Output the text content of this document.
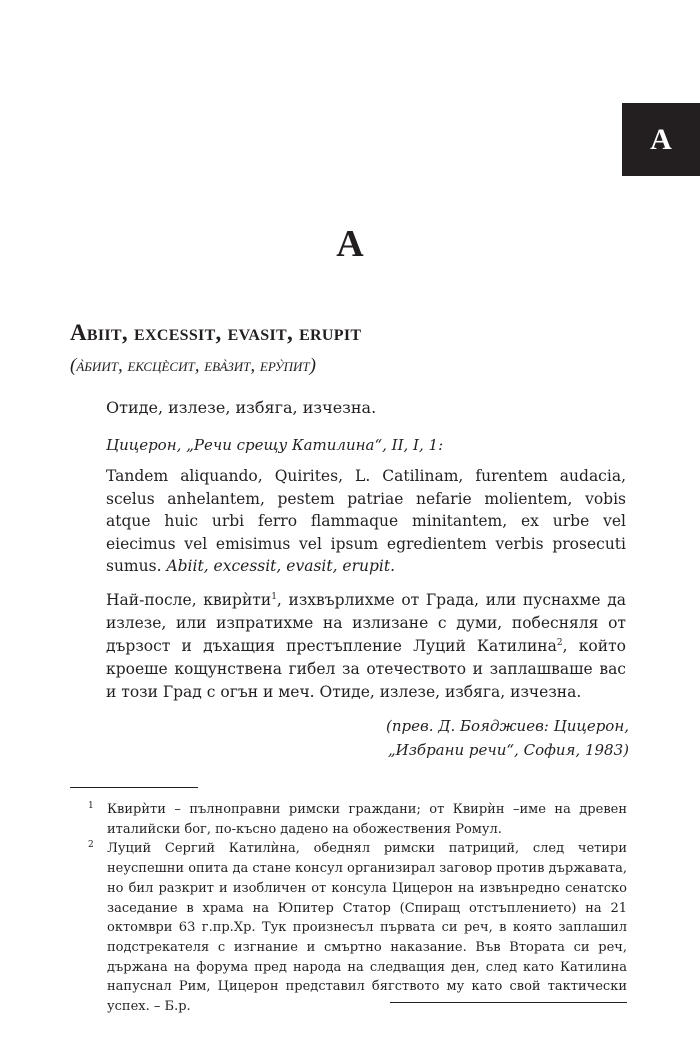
A
A
Abiit, excessit, evasit, erupit
(а̀биит, ексцѐсит, ева̀зит, еру̀пит)
Отиде, излезе, избяга, изчезна.
Цицерон, „Речи срещу Катилина“, II, I, 1:
Tandem aliquando, Quirites, L. Catilinam, furentem audacia, scelus anhelantem, pestem patriae nefarie molientem, vobis atque huic urbi ferro flammaque minitantem, ex urbe vel eiecimus vel emisimus vel ipsum egredientem verbis prosecuti sumus. Abiit, excessit, evasit, erupit.
Най-после, квирѝти$^1$, изхвърлихме от Града, или пуснахме да излезе, или изпратихме на излизане с думи, побесняля от дързост и дъхащия престъпление Луций Катилина$^2$, който кроеше кощунствена гибел за отечеството и заплашваше вас и този Град с огън и меч. Отиде, излезе, избяга, изчезна.
(прев. Д. Бояджиев: Цицерон,
„Избрани речи“, София, 1983)
1 Квирѝти – пълноправни римски граждани; от Квирѝн –име на древен италийски бог, по-късно дадено на обожествения Ромул.
2 Луций Сергий Катилѝна, обеднял римски патриций, след четири неуспешни опита да стане консул организирал заговор против държавата, но бил разкрит и изобличен от консула Цицерон на извънредно сенатско заседание в храма на Юпитер Статор (Спиращ отстъплението) на 21 октомври 63 г.пр.Хр. Тук произнесъл първата си реч, в която заплашил подстрекателя с изгнание и смъртно наказание. Във Втората си реч, държана на форума пред народа на следващия ден, след като Катилина напуснал Рим, Цицерон представил бягството му като свой тактически успех. – Б.р.
